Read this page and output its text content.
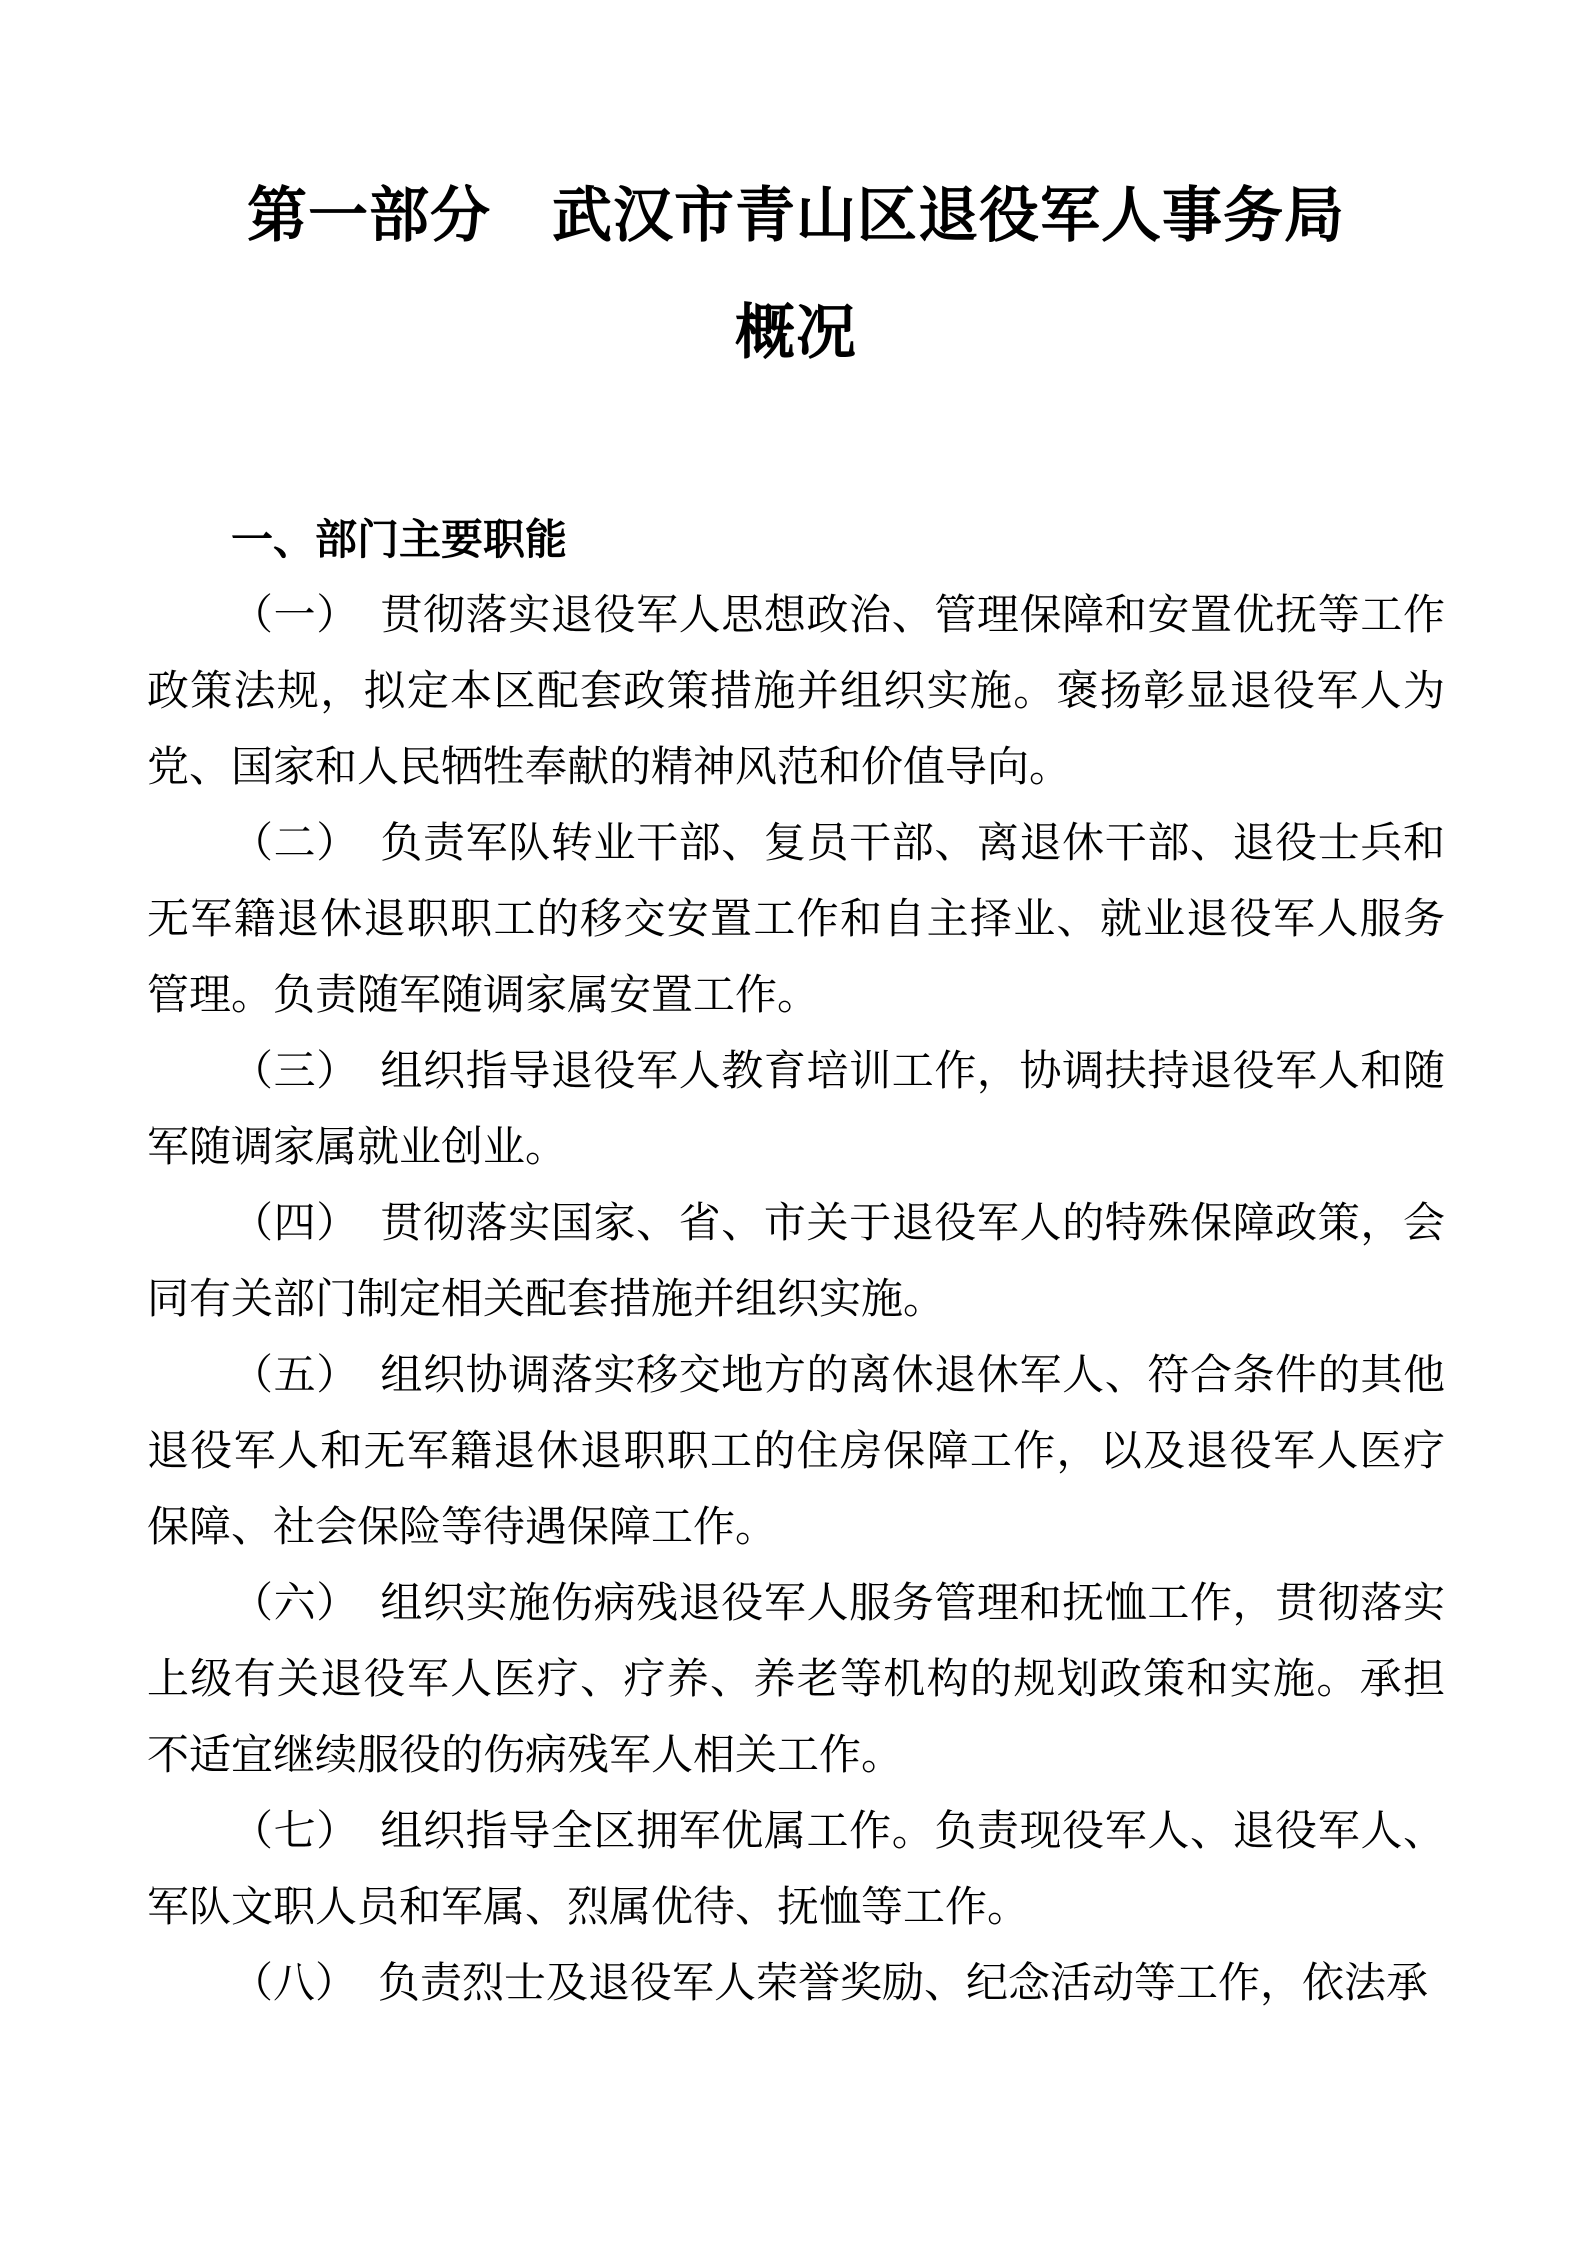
第一部分　武汉市青山区退役军人事务局
概况
一、部门主要职能

（一）　贯彻落实退役军人思想政治、管理保障和安置优抚等工作政策法规，拟定本区配套政策措施并组织实施。褒扬彰显退役军人为党、国家和人民牺牲奉献的精神风范和价值导向。

（二）　负责军队转业干部、复员干部、离退休干部、退役士兵和无军籍退休退职职工的移交安置工作和自主择业、就业退役军人服务管理。负责随军随调家属安置工作。

（三）　组织指导退役军人教育培训工作，协调扶持退役军人和随军随调家属就业创业。

（四）　贯彻落实国家、省、市关于退役军人的特殊保障政策，会同有关部门制定相关配套措施并组织实施。

（五）　组织协调落实移交地方的离休退休军人、符合条件的其他退役军人和无军籍退休退职职工的住房保障工作，以及退役军人医疗保障、社会保险等待遇保障工作。

（六）　组织实施伤病残退役军人服务管理和抚恤工作，贯彻落实上级有关退役军人医疗、疗养、养老等机构的规划政策和实施。承担不适宜继续服役的伤病残军人相关工作。

（七）　组织指导全区拥军优属工作。负责现役军人、退役军人、军队文职人员和军属、烈属优待、抚恤等工作。

（八）　负责烈士及退役军人荣誉奖励、纪念活动等工作，依法承
